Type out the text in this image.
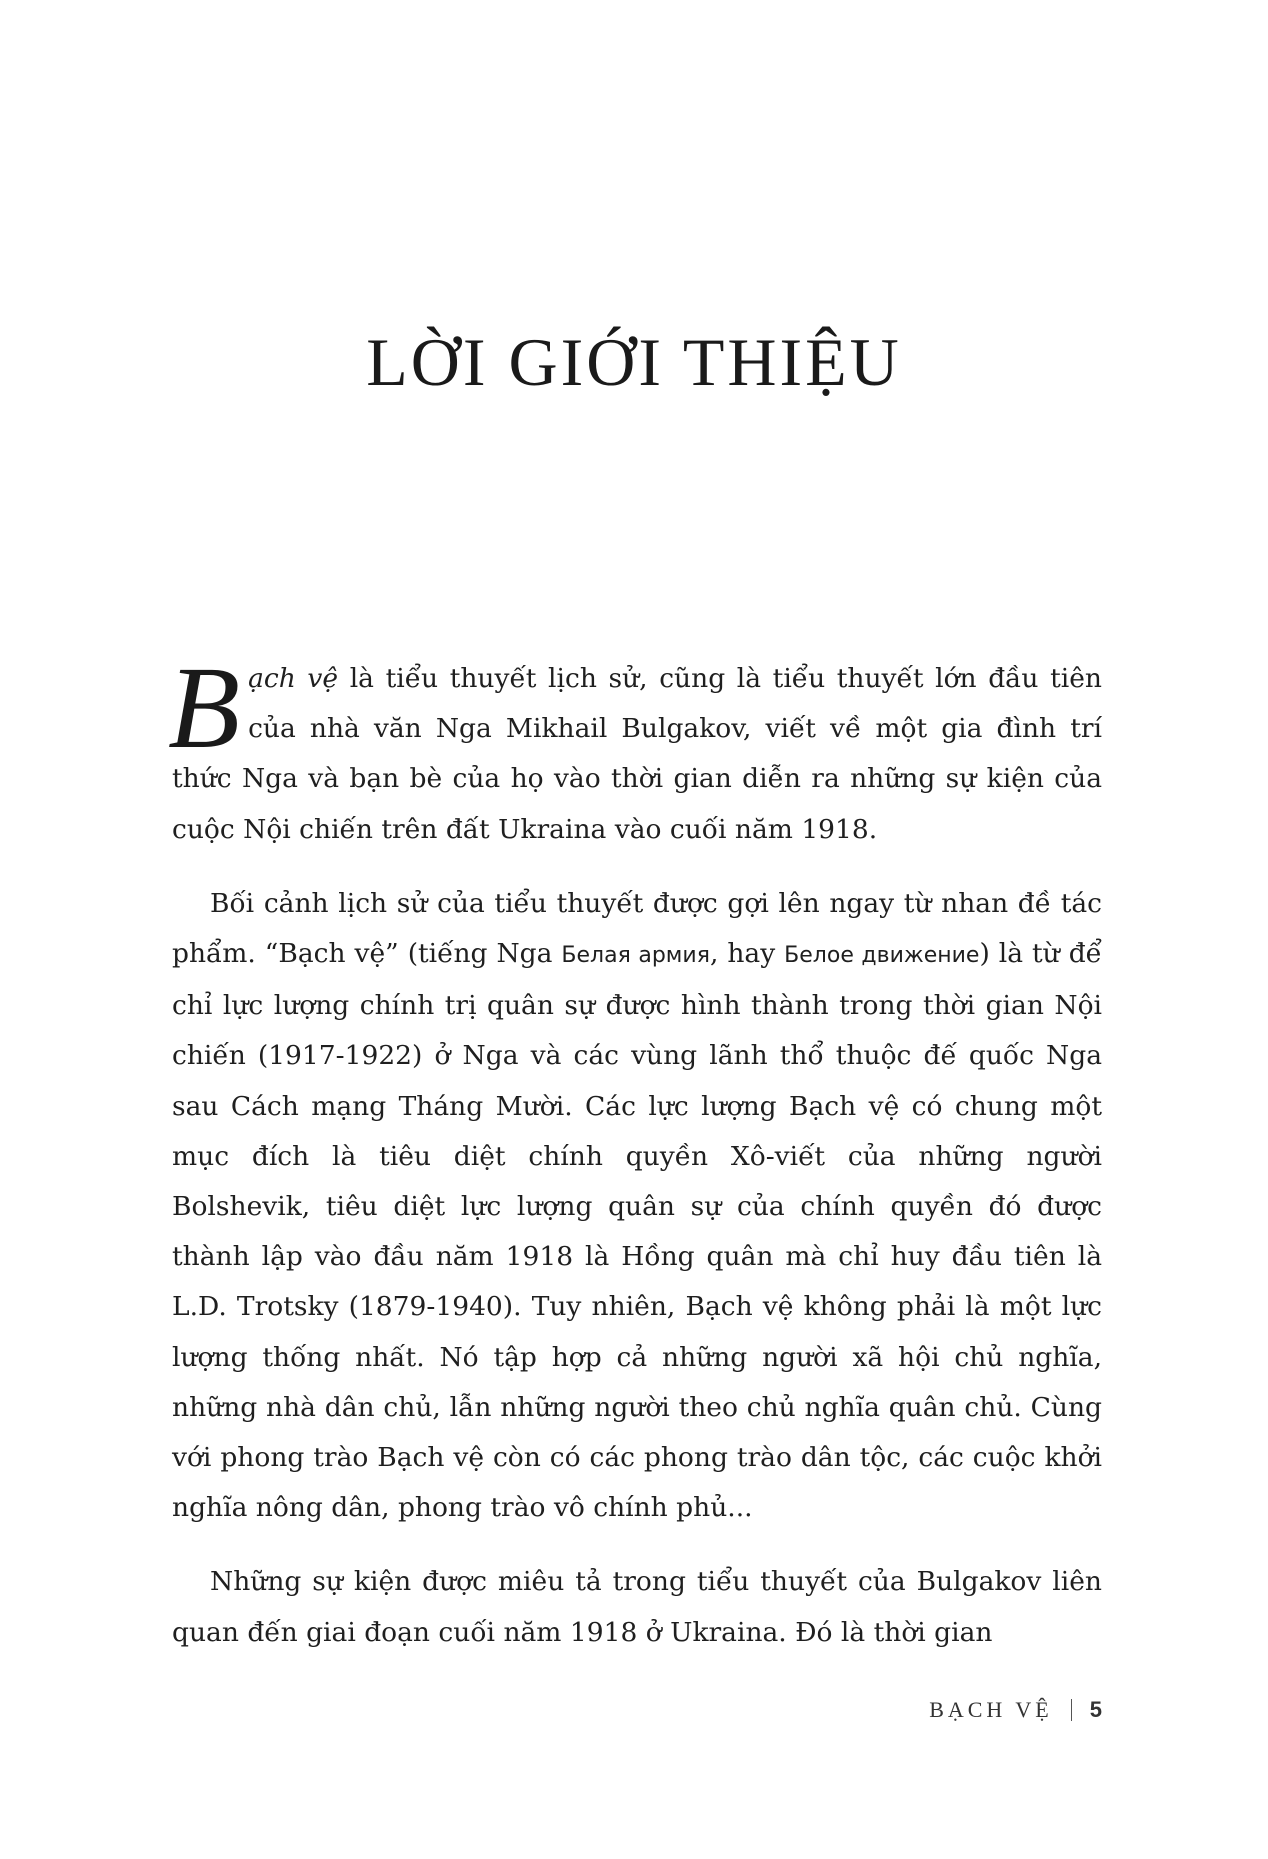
LỜI GIỚI THIỆU

Bạch vệ là tiểu thuyết lịch sử, cũng là tiểu thuyết lớn đầu tiên của nhà văn Nga Mikhail Bulgakov, viết về một gia đình trí thức Nga và bạn bè của họ vào thời gian diễn ra những sự kiện của cuộc Nội chiến trên đất Ukraina vào cuối năm 1918.

Bối cảnh lịch sử của tiểu thuyết được gợi lên ngay từ nhan đề tác phẩm. “Bạch vệ” (tiếng Nga Белая армия, hay Белое движение) là từ để chỉ lực lượng chính trị quân sự được hình thành trong thời gian Nội chiến (1917-1922) ở Nga và các vùng lãnh thổ thuộc đế quốc Nga sau Cách mạng Tháng Mười. Các lực lượng Bạch vệ có chung một mục đích là tiêu diệt chính quyền Xô-viết của những người Bolshevik, tiêu diệt lực lượng quân sự của chính quyền đó được thành lập vào đầu năm 1918 là Hồng quân mà chỉ huy đầu tiên là L.D. Trotsky (1879-1940). Tuy nhiên, Bạch vệ không phải là một lực lượng thống nhất. Nó tập hợp cả những người xã hội chủ nghĩa, những nhà dân chủ, lẫn những người theo chủ nghĩa quân chủ. Cùng với phong trào Bạch vệ còn có các phong trào dân tộc, các cuộc khởi nghĩa nông dân, phong trào vô chính phủ...

Những sự kiện được miêu tả trong tiểu thuyết của Bulgakov liên quan đến giai đoạn cuối năm 1918 ở Ukraina. Đó là thời gian

BẠCH VỆ 5
